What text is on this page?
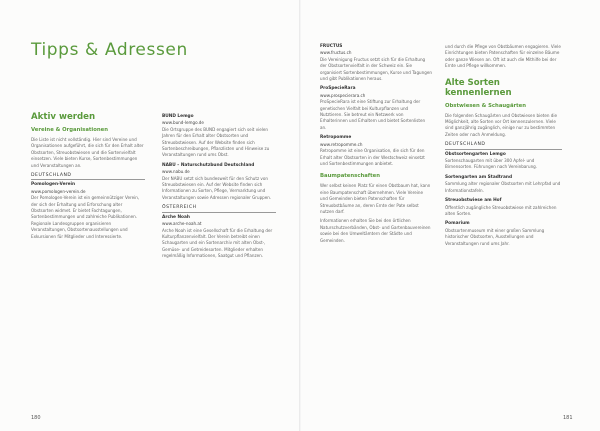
Tipps & Adressen
Aktiv werden
Vereine & Organisationen

Die Liste ist nicht vollständig. Hier sind Vereine und Organisationen aufgeführt, die sich für den Erhalt alter Obstsorten, Streuobstwiesen und die Sortenvielfalt einsetzen. Viele bieten Kurse, Sortenbestimmungen und Veranstaltungen an.

DEUTSCHLAND
Pomologen-Verein
www.pomologen-verein.de
Der Pomologen-Verein ist ein gemeinnütziger Verein, der sich der Erhaltung und Erforschung alter Obstsorten widmet. Er bietet Fachtagungen, Sortenbestimmungen und zahlreiche Publikationen. Regionale Landesgruppen organisieren Veranstaltungen, Obstsortenausstellungen und Exkursionen für Mitglieder und Interessierte.
BUND Lemgo
www.bund-lemgo.de
Die Ortsgruppe des BUND engagiert sich seit vielen Jahren für den Erhalt alter Obstsorten und Streuobstwiesen. Auf der Website finden sich Sortenbeschreibungen, Pflanzlisten und Hinweise zu Veranstaltungen rund ums Obst.
NABU – Naturschutzbund Deutschland
www.nabu.de
Der NABU setzt sich bundesweit für den Schutz von Streuobstwiesen ein. Auf der Website finden sich Informationen zu Sorten, Pflege, Vermarktung und Veranstaltungen sowie Adressen regionaler Gruppen.
ÖSTERREICH
Arche Noah
www.arche-noah.at
Arche Noah ist eine Gesellschaft für die Erhaltung der Kulturpflanzenvielfalt. Der Verein betreibt einen Schaugarten und ein Sortenarchiv mit alten Obst-, Gemüse- und Getreidesorten. Mitglieder erhalten regelmäßig Informationen, Saatgut und Pflanzen.
180
FRUCTUS
www.fructus.ch
Die Vereinigung Fructus setzt sich für die Erhaltung der Obstsortenvielfalt in der Schweiz ein. Sie organisiert Sortenbestimmungen, Kurse und Tagungen und gibt Publikationen heraus.
ProSpecieRara
www.prospecierara.ch
ProSpecieRara ist eine Stiftung zur Erhaltung der genetischen Vielfalt bei Kulturpflanzen und Nutztieren. Sie betreut ein Netzwerk von Erhalterinnen und Erhaltern und bietet Sortenlisten an.
Retropomme
www.retropomme.ch
Retropomme ist eine Organisation, die sich für den Erhalt alter Obstsorten in der Westschweiz einsetzt und Sortenbestimmungen anbietet.
Baumpatenschaften

Wer selbst keinen Platz für einen Obstbaum hat, kann eine Baumpatenschaft übernehmen. Viele Vereine und Gemeinden bieten Patenschaften für Streuobstbäume an, deren Ernte der Pate selbst nutzen darf.

Informationen erhalten Sie bei den örtlichen Naturschutzverbänden, Obst- und Gartenbauvereinen sowie bei den Umweltämtern der Städte und Gemeinden.

und durch die Pflege von Obstbäumen engagieren. Viele Einrichtungen bieten Patenschaften für einzelne Bäume oder ganze Wiesen an. Oft ist auch die Mithilfe bei der Ernte und Pflege willkommen.

Alte Sorten kennenlernen
Obstwiesen & Schaugärten

Die folgenden Schaugärten und Obstwiesen bieten die Möglichkeit, alte Sorten vor Ort kennenzulernen. Viele sind ganzjährig zugänglich, einige nur zu bestimmten Zeiten oder nach Anmeldung.

DEUTSCHLAND
Obstsortengarten Lemgo
Sortenschaugarten mit über 300 Apfel- und Birnensorten. Führungen nach Vereinbarung.
Sortengarten am Stadtrand
Sammlung alter regionaler Obstsorten mit Lehrpfad und Informationstafeln.
Streuobstwiese am Hof
Öffentlich zugängliche Streuobstwiese mit zahlreichen alten Sorten.
Pomarium
Obstsortenmuseum mit einer großen Sammlung historischer Obstsorten, Ausstellungen und Veranstaltungen rund ums Jahr.
181
